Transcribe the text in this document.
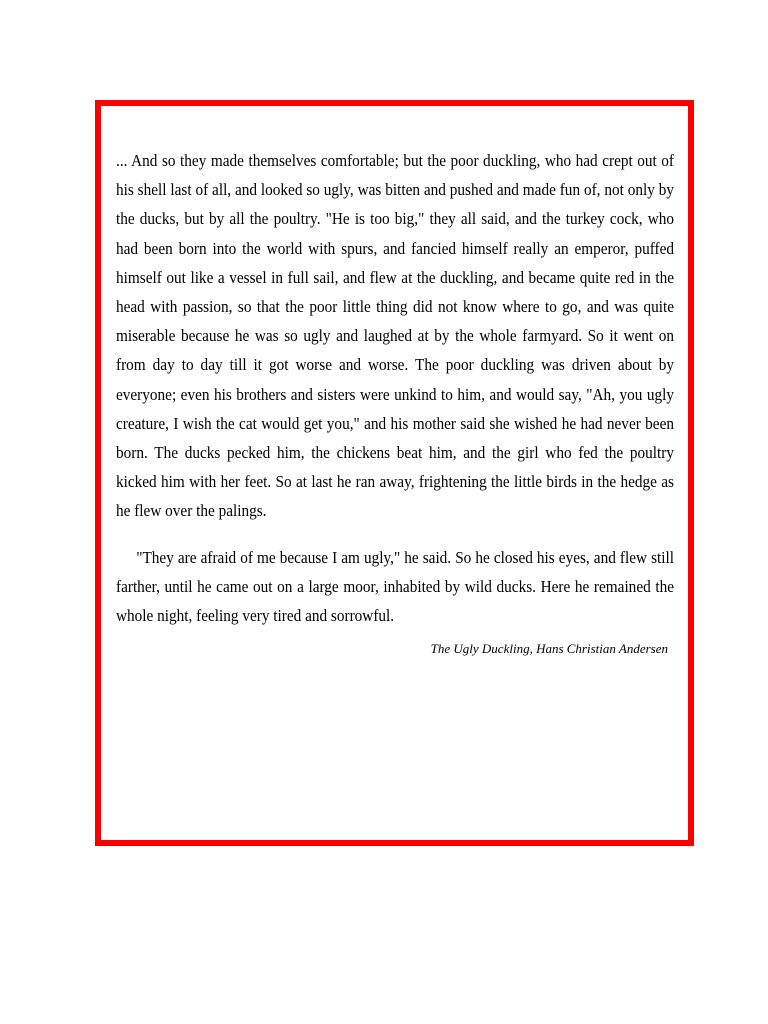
... And so they made themselves comfortable; but the poor duckling, who had crept out of his shell last of all, and looked so ugly, was bitten and pushed and made fun of, not only by the ducks, but by all the poultry. "He is too big," they all said, and the turkey cock, who had been born into the world with spurs, and fancied himself really an emperor, puffed himself out like a vessel in full sail, and flew at the duckling, and became quite red in the head with passion, so that the poor little thing did not know where to go, and was quite miserable because he was so ugly and laughed at by the whole farmyard. So it went on from day to day till it got worse and worse. The poor duckling was driven about by everyone; even his brothers and sisters were unkind to him, and would say, "Ah, you ugly creature, I wish the cat would get you," and his mother said she wished he had never been born. The ducks pecked him, the chickens beat him, and the girl who fed the poultry kicked him with her feet. So at last he ran away, frightening the little birds in the hedge as he flew over the palings.

"They are afraid of me because I am ugly," he said. So he closed his eyes, and flew still farther, until he came out on a large moor, inhabited by wild ducks. Here he remained the whole night, feeling very tired and sorrowful.

The Ugly Duckling, Hans Christian Andersen
